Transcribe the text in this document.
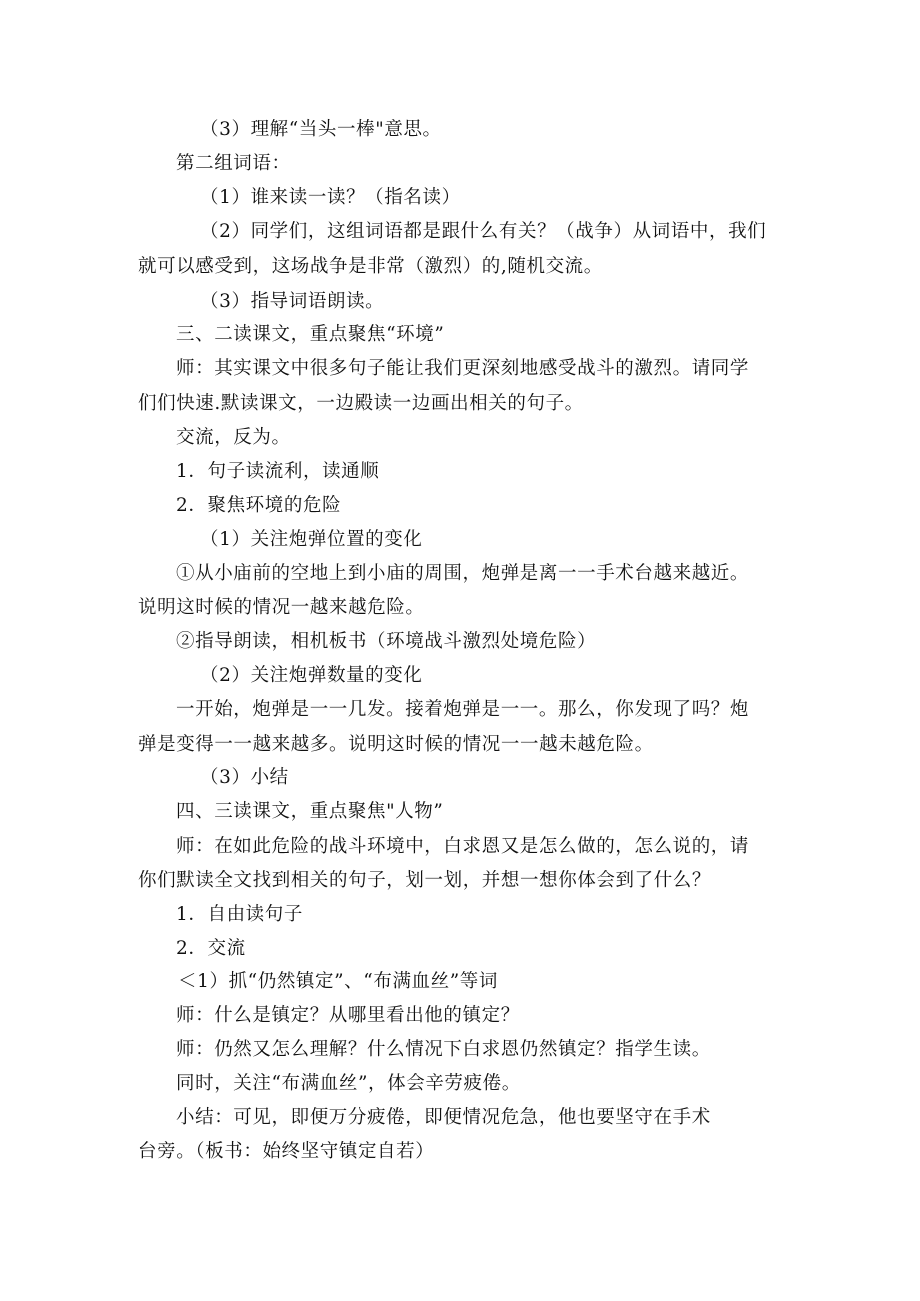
（3）理解“当头一棒"意思。
第二组词语：
（1）谁来读一读？（指名读）
（2）同学们，这组词语都是跟什么有关？（战争）从词语中，我们
就可以感受到，这场战争是非常（激烈）的,随机交流。
（3）指导词语朗读。
三、二读课文，重点聚焦“环境”
师：其实课文中很多句子能让我们更深刻地感受战斗的激烈。请同学
们们快速.默读课文，一边殿读一边画出相关的句子。
交流，反为。
1．句子读流利，读通顺
2．聚焦环境的危险
（1）关注炮弹位置的变化
①从小庙前的空地上到小庙的周围，炮弹是离一一手术台越来越近。
说明这时候的情况一越来越危险。
②指导朗读，相机板书（环境战斗激烈处境危险）
（2）关注炮弹数量的变化
一开始，炮弹是一一几发。接着炮弹是一一。那么，你发现了吗？炮
弹是变得一一越来越多。说明这时候的情况一一越未越危险。
（3）小结
四、三读课文，重点聚焦"人物”
师：在如此危险的战斗环境中，白求恩又是怎么做的，怎么说的，请
你们默读全文找到相关的句子，划一划，并想一想你体会到了什么？
1．自由读句子
2．交流
＜1）抓“仍然镇定”、“布满血丝”等词
师：什么是镇定？从哪里看出他的镇定？
师：仍然又怎么理解？什么情况下白求恩仍然镇定？指学生读。
同时，关注“布满血丝”，体会辛劳疲倦。
小结：可见，即便万分疲倦，即便情况危急，他也要坚守在手术
台旁。（板书：始终坚守镇定自若）
